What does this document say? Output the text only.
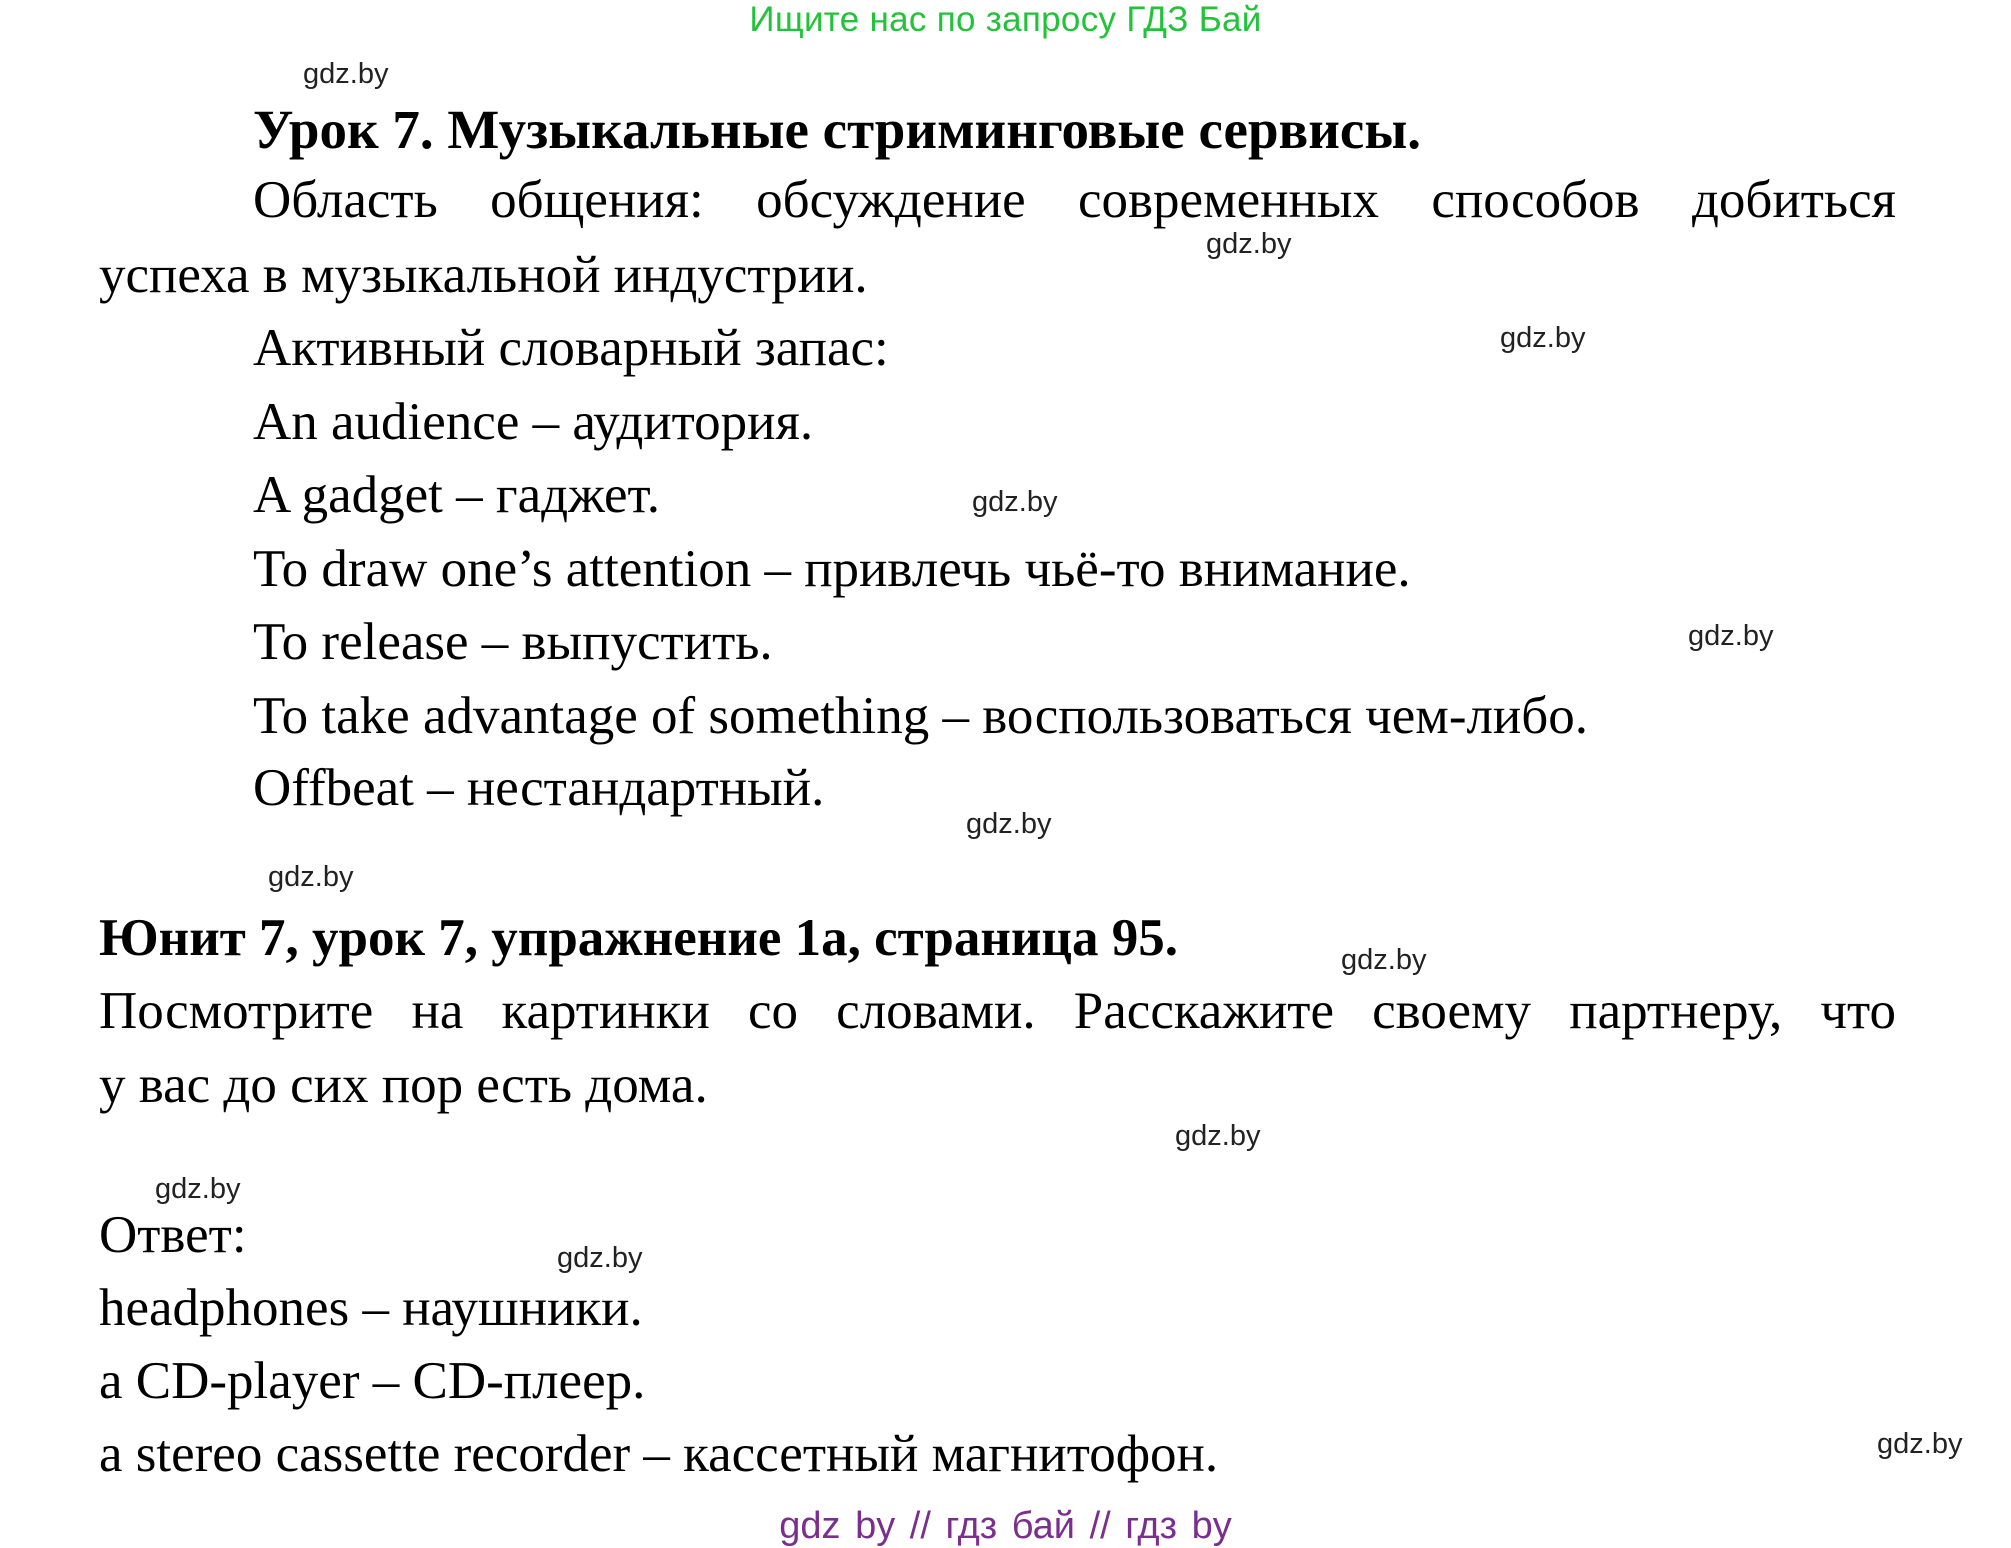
Ищите нас по запросу ГДЗ Бай
gdz.by
gdz.by
gdz.by
gdz.by
gdz.by
gdz.by
gdz.by
gdz.by
gdz.by
gdz.by
gdz.by
gdz.by
Урок 7. Музыкальные стриминговые сервисы.
Область общения: обсуждение современных способов добиться
успеха в музыкальной индустрии.
Активный словарный запас:
An audience – аудитория.
A gadget – гаджет.
To draw one’s attention – привлечь чьё-то внимание.
To release – выпустить.
To take advantage of something – воспользоваться чем-либо.
Offbeat – нестандартный.
Юнит 7, урок 7, упражнение 1а, страница 95.
Посмотрите на картинки со словами. Расскажите своему партнеру, что
у вас до сих пор есть дома.
Ответ:
headphones – наушники.
a CD-player – CD-плеер.
a stereo cassette recorder – кассетный магнитофон.
gdz by // гдз бай // гдз by
